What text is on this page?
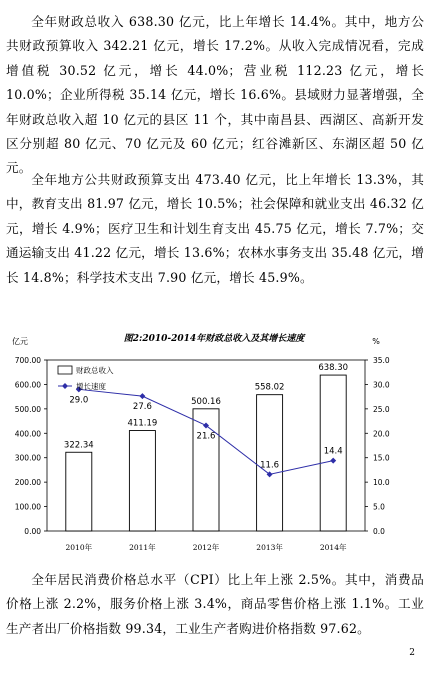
全年财政总收入 638.30 亿元，比上年增长 14.4%。其中，地方公共财政预算收入 342.21 亿元，增长 17.2%。从收入完成情况看，完成增值税 30.52 亿元，增长 44.0%；营业税 112.23 亿元，增长 10.0%；企业所得税 35.14 亿元，增长 16.6%。县域财力显著增强，全年财政总收入超 10 亿元的县区 11 个，其中南昌县、西湖区、高新开发区分别超 80 亿元、70 亿元及 60 亿元；红谷滩新区、东湖区超 50 亿元。
全年地方公共财政预算支出 473.40 亿元，比上年增长 13.3%，其中，教育支出 81.97 亿元，增长 10.5%；社会保障和就业支出 46.32 亿元，增长 4.9%；医疗卫生和计划生育支出 45.75 亿元，增长 7.7%；交通运输支出 41.22 亿元，增长 13.6%；农林水事务支出 35.48 亿元，增长 14.8%；科学技术支出 7.90 亿元，增长 45.9%。
图2:2010-2014年财政总收入及其增长速度
亿元	%
0.00
100.00
200.00
300.00
400.00
500.00
600.00
700.00
0.0
5.0
10.0
15.0
20.0
25.0
30.0
35.0
2010年	2011年	2012年	2013年	2014年
322.34
411.19
500.16
558.02
638.30
29.0
27.6
21.6
11.6
14.4
财政总收入
增长速度
全年居民消费价格总水平（CPI）比上年上涨 2.5%。其中，消费品价格上涨 2.2%，服务价格上涨 3.4%，商品零售价格上涨 1.1%。工业生产者出厂价格指数 99.34，工业生产者购进价格指数 97.62。
2
